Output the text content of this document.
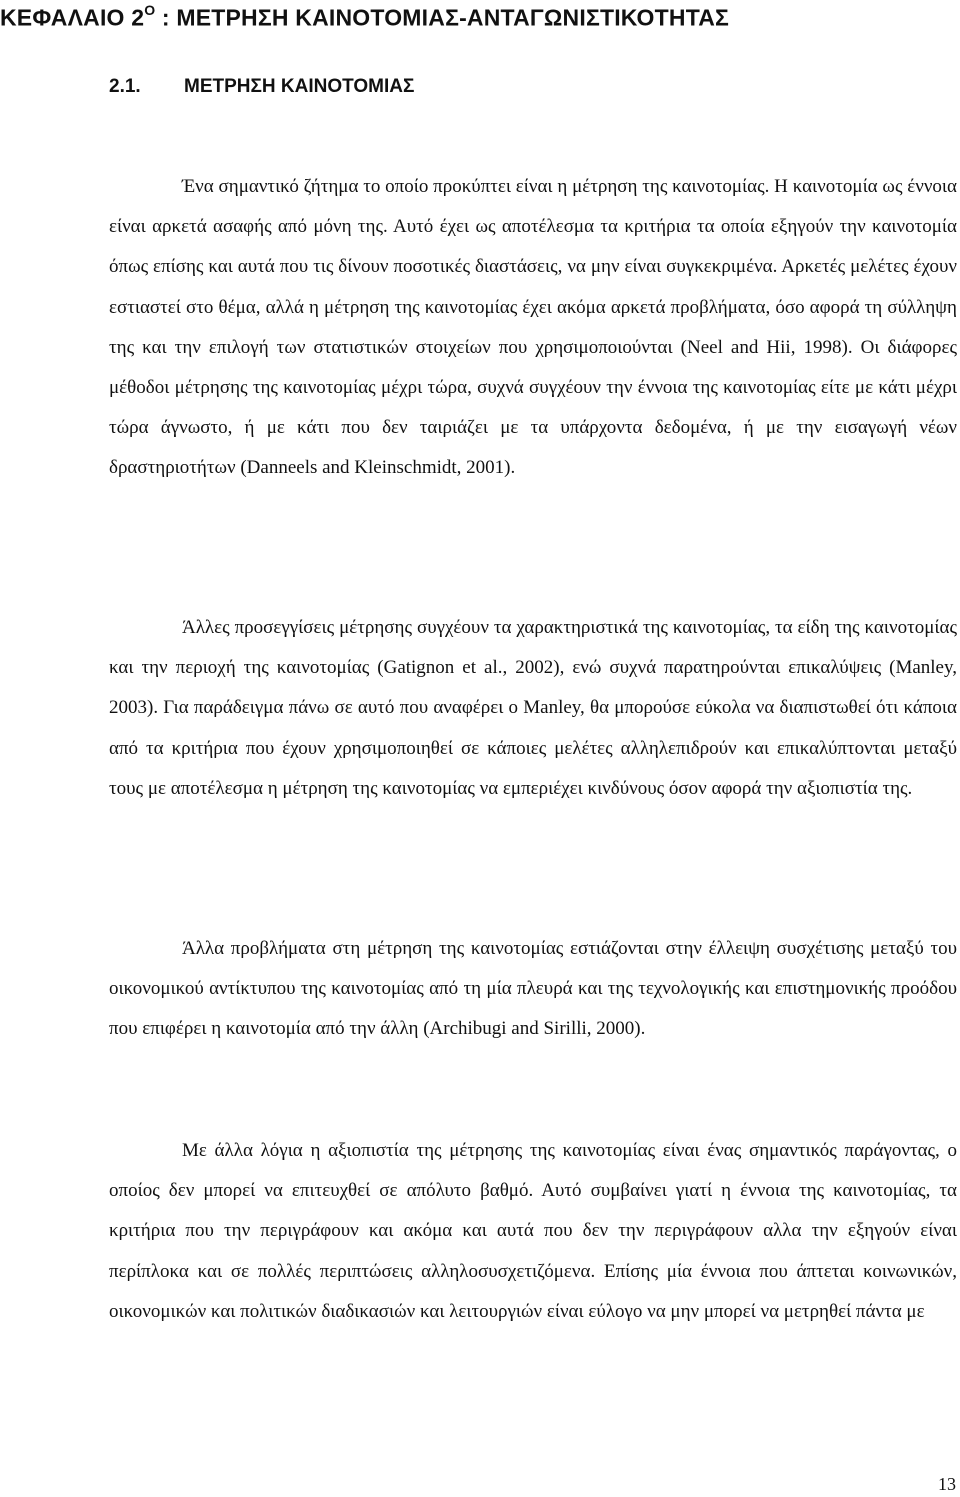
ΚΕΦΑΛΑΙΟ $2^O$ : ΜΕΤΡΗΣΗ ΚΑΙΝΟΤΟΜΙΑΣ-ΑΝΤΑΓΩΝΙΣΤΙΚΟΤΗΤΑΣ
2.1. ΜΕΤΡΗΣΗ ΚΑΙΝΟΤΟΜΙΑΣ

Ένα σημαντικό ζήτημα το οποίο προκύπτει είναι η μέτρηση της καινοτομίας. Η καινοτομία ως έννοια είναι αρκετά ασαφής από μόνη της. Αυτό έχει ως αποτέλεσμα τα κριτήρια τα οποία εξηγούν την καινοτομία όπως επίσης και αυτά που τις δίνουν ποσοτικές διαστάσεις, να μην είναι συγκεκριμένα. Αρκετές μελέτες έχουν εστιαστεί στο θέμα, αλλά η μέτρηση της καινοτομίας έχει ακόμα αρκετά προβλήματα, όσο αφορά τη σύλληψη της και την επιλογή των στατιστικών στοιχείων που χρησιμοποιούνται (Neel and Hii, 1998). Οι διάφορες μέθοδοι μέτρησης της καινοτομίας μέχρι τώρα, συχνά συγχέουν την έννοια της καινοτομίας είτε με κάτι μέχρι τώρα άγνωστο, ή με κάτι που δεν ταιριάζει με τα υπάρχοντα δεδομένα, ή με την εισαγωγή νέων δραστηριοτήτων (Danneels and Kleinschmidt, 2001).

Άλλες προσεγγίσεις μέτρησης συγχέουν τα χαρακτηριστικά της καινοτομίας, τα είδη της καινοτομίας και την περιοχή της καινοτομίας (Gatignon et al., 2002), ενώ συχνά παρατηρούνται επικαλύψεις (Manley, 2003). Για παράδειγμα πάνω σε αυτό που αναφέρει ο Manley, θα μπορούσε εύκολα να διαπιστωθεί ότι κάποια από τα κριτήρια που έχουν χρησιμοποιηθεί σε κάποιες μελέτες αλληλεπιδρούν και επικαλύπτονται μεταξύ τους με αποτέλεσμα η μέτρηση της καινοτομίας να εμπεριέχει κινδύνους όσον αφορά την αξιοπιστία της.

Άλλα προβλήματα στη μέτρηση της καινοτομίας εστιάζονται στην έλλειψη συσχέτισης μεταξύ του οικονομικού αντίκτυπου της καινοτομίας από τη μία πλευρά και της τεχνολογικής και επιστημονικής προόδου που επιφέρει η καινοτομία από την άλλη (Archibugi and Sirilli, 2000).

Με άλλα λόγια η αξιοπιστία της μέτρησης της καινοτομίας είναι ένας σημαντικός παράγοντας, ο οποίος δεν μπορεί να επιτευχθεί σε απόλυτο βαθμό. Αυτό συμβαίνει γιατί η έννοια της καινοτομίας, τα κριτήρια που την περιγράφουν και ακόμα και αυτά που δεν την περιγράφουν αλλα την εξηγούν είναι περίπλοκα και σε πολλές περιπτώσεις αλληλοσυσχετιζόμενα. Επίσης μία έννοια που άπτεται κοινωνικών, οικονομικών και πολιτικών διαδικασιών και λειτουργιών είναι εύλογο να μην μπορεί να μετρηθεί πάντα με

13
